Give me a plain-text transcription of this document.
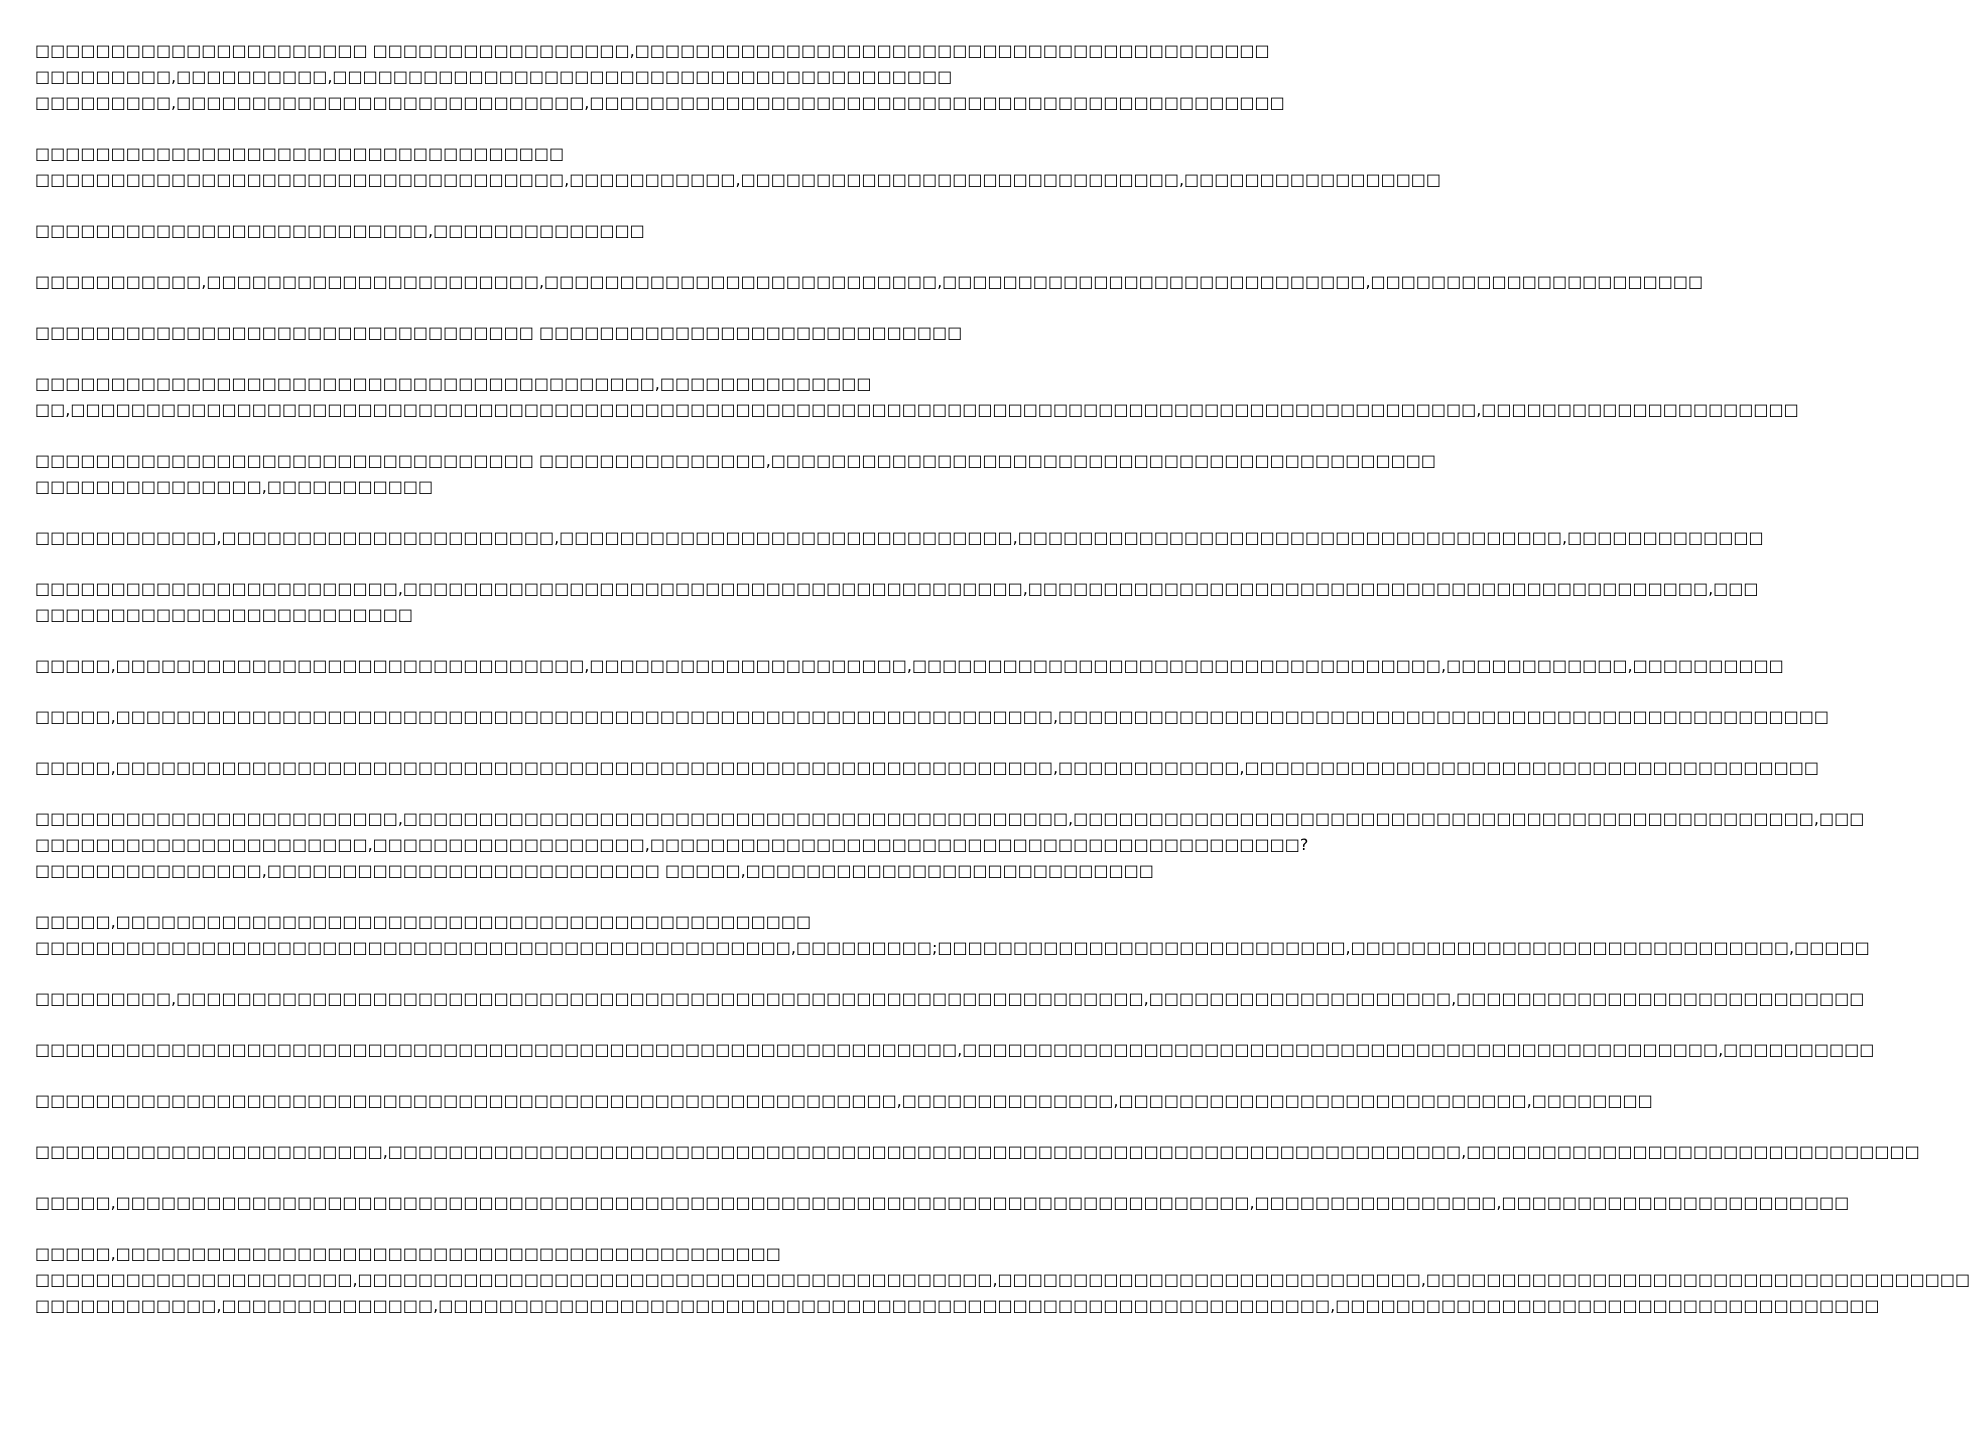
□□□□□□□□□□□□□□□□□□□□□□ □□□□□□□□□□□□□□□□□,□□□□□□□□□□□□□□□□□□□□□□□□□□□□□□□□□□□□□□□□□□
□□□□□□□□□,□□□□□□□□□□,□□□□□□□□□□□□□□□□□□□□□□□□□□□□□□□□□□□□□□□□□
□□□□□□□□□,□□□□□□□□□□□□□□□□□□□□□□□□□□□,□□□□□□□□□□□□□□□□□□□□□□□□□□□□□□□□□□□□□□□□□□□□□□
□□□□□□□□□□□□□□□□□□□□□□□□□□□□□□□□□□□
□□□□□□□□□□□□□□□□□□□□□□□□□□□□□□□□□□□,□□□□□□□□□□□,□□□□□□□□□□□□□□□□□□□□□□□□□□□□□,□□□□□□□□□□□□□□□□□
□□□□□□□□□□□□□□□□□□□□□□□□□□,□□□□□□□□□□□□□□
□□□□□□□□□□□,□□□□□□□□□□□□□□□□□□□□□□,□□□□□□□□□□□□□□□□□□□□□□□□□□,□□□□□□□□□□□□□□□□□□□□□□□□□□□□,□□□□□□□□□□□□□□□□□□□□□□
□□□□□□□□□□□□□□□□□□□□□□□□□□□□□□□□□ □□□□□□□□□□□□□□□□□□□□□□□□□□□□
□□□□□□□□□□□□□□□□□□□□□□□□□□□□□□□□□□□□□□□□□,□□□□□□□□□□□□□□
□□,□□□□□□□□□□□□□□□□□□□□□□□□□□□□□□□□□□□□□□□□□□□□□□□□□□□□□□□□□□□□□□□□□□□□□□□□□□□□□□□□□□□□□□□□□□□□□,□□□□□□□□□□□□□□□□□□□□□
□□□□□□□□□□□□□□□□□□□□□□□□□□□□□□□□□ □□□□□□□□□□□□□□□,□□□□□□□□□□□□□□□□□□□□□□□□□□□□□□□□□□□□□□□□□□□□
□□□□□□□□□□□□□□□,□□□□□□□□□□□
□□□□□□□□□□□□,□□□□□□□□□□□□□□□□□□□□□□,□□□□□□□□□□□□□□□□□□□□□□□□□□□□□□,□□□□□□□□□□□□□□□□□□□□□□□□□□□□□□□□□□□□,□□□□□□□□□□□□□
□□□□□□□□□□□□□□□□□□□□□□□□,□□□□□□□□□□□□□□□□□□□□□□□□□□□□□□□□□□□□□□□□□,□□□□□□□□□□□□□□□□□□□□□□□□□□□□□□□□□□□□□□□□□□□□□,□□□
□□□□□□□□□□□□□□□□□□□□□□□□□
□□□□□,□□□□□□□□□□□□□□□□□□□□□□□□□□□□□□□,□□□□□□□□□□□□□□□□□□□□□,□□□□□□□□□□□□□□□□□□□□□□□□□□□□□□□□□□□,□□□□□□□□□□□□,□□□□□□□□□□
□□□□□,□□□□□□□□□□□□□□□□□□□□□□□□□□□□□□□□□□□□□□□□□□□□□□□□□□□□□□□□□□□□□□,□□□□□□□□□□□□□□□□□□□□□□□□□□□□□□□□□□□□□□□□□□□□□□□□□□□
□□□□□,□□□□□□□□□□□□□□□□□□□□□□□□□□□□□□□□□□□□□□□□□□□□□□□□□□□□□□□□□□□□□□,□□□□□□□□□□□□,□□□□□□□□□□□□□□□□□□□□□□□□□□□□□□□□□□□□□□
□□□□□□□□□□□□□□□□□□□□□□□□,□□□□□□□□□□□□□□□□□□□□□□□□□□□□□□□□□□□□□□□□□□□□,□□□□□□□□□□□□□□□□□□□□□□□□□□□□□□□□□□□□□□□□□□□□□□□□□,□□□
□□□□□□□□□□□□□□□□□□□□□□,□□□□□□□□□□□□□□□□□□,□□□□□□□□□□□□□□□□□□□□□□□□□□□□□□□□□□□□□□□□□□□?
□□□□□□□□□□□□□□□,□□□□□□□□□□□□□□□□□□□□□□□□□□ □□□□□,□□□□□□□□□□□□□□□□□□□□□□□□□□□
□□□□□,□□□□□□□□□□□□□□□□□□□□□□□□□□□□□□□□□□□□□□□□□□□□□□
□□□□□□□□□□□□□□□□□□□□□□□□□□□□□□□□□□□□□□□□□□□□□□□□□□,□□□□□□□□□;□□□□□□□□□□□□□□□□□□□□□□□□□□□,□□□□□□□□□□□□□□□□□□□□□□□□□□□□□,□□□□□
□□□□□□□□□,□□□□□□□□□□□□□□□□□□□□□□□□□□□□□□□□□□□□□□□□□□□□□□□□□□□□□□□□□□□□□□□□,□□□□□□□□□□□□□□□□□□□□,□□□□□□□□□□□□□□□□□□□□□□□□□□□
□□□□□□□□□□□□□□□□□□□□□□□□□□□□□□□□□□□□□□□□□□□□□□□□□□□□□□□□□□□□□,□□□□□□□□□□□□□□□□□□□□□□□□□□□□□□□□□□□□□□□□□□□□□□□□□□,□□□□□□□□□□
□□□□□□□□□□□□□□□□□□□□□□□□□□□□□□□□□□□□□□□□□□□□□□□□□□□□□□□□□,□□□□□□□□□□□□□□,□□□□□□□□□□□□□□□□□□□□□□□□□□□,□□□□□□□□
□□□□□□□□□□□□□□□□□□□□□□□,□□□□□□□□□□□□□□□□□□□□□□□□□□□□□□□□□□□□□□□□□□□□□□□□□□□□□□□□□□□□□□□□□□□□□□□,□□□□□□□□□□□□□□□□□□□□□□□□□□□□□□
□□□□□,□□□□□□□□□□□□□□□□□□□□□□□□□□□□□□□□□□□□□□□□□□□□□□□□□□□□□□□□□□□□□□□□□□□□□□□□□□□,□□□□□□□□□□□□□□□□,□□□□□□□□□□□□□□□□□□□□□□□
□□□□□,□□□□□□□□□□□□□□□□□□□□□□□□□□□□□□□□□□□□□□□□□□□□
□□□□□□□□□□□□□□□□□□□□□,□□□□□□□□□□□□□□□□□□□□□□□□□□□□□□□□□□□□□□□□□□,□□□□□□□□□□□□□□□□□□□□□□□□□□□□,□□□□□□□□□□□□□□□□□□□□□□□□□□□□□□□□□□□□
□□□□□□□□□□□□,□□□□□□□□□□□□□□,□□□□□□□□□□□□□□□□□□□□□□□□□□□□□□□□□□□□□□□□□□□□□□□□□□□□□□□□□□□,□□□□□□□□□□□□□□□□□□□□□□□□□□□□□□□□□□□□
